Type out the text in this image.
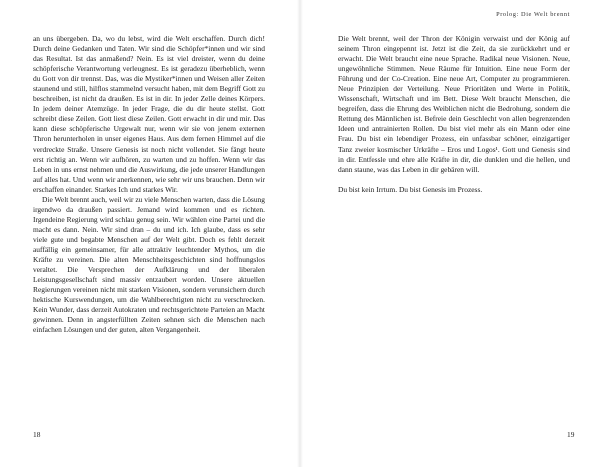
an uns übergeben. Da, wo du lebst, wird die Welt erschaffen. Durch dich! Durch deine Gedanken und Taten. Wir sind die Schöpfer*innen und wir sind das Resultat. Ist das anmaßend? Nein. Es ist viel dreister, wenn du deine schöpferische Verantwortung verleugnest. Es ist geradezu überheblich, wenn du Gott von dir trennst. Das, was die Mystiker*innen und Weisen aller Zeiten staunend und still, hilflos stammelnd versucht haben, mit dem Begriff Gott zu beschreiben, ist nicht da draußen. Es ist in dir. In jeder Zelle deines Körpers. In jedem deiner Atemzüge. In jeder Frage, die du dir heute stellst. Gott schreibt diese Zeilen. Gott liest diese Zeilen. Gott erwacht in dir und mir. Das kann diese schöpferische Urgewalt nur, wenn wir sie von jenem externen Thron herunterholen in unser eigenes Haus. Aus dem fernen Himmel auf die verdreckte Straße. Unsere Genesis ist noch nicht vollendet. Sie fängt heute erst richtig an. Wenn wir aufhören, zu warten und zu hoffen. Wenn wir das Leben in uns ernst nehmen und die Auswirkung, die jede unserer Handlungen auf alles hat. Und wenn wir anerkennen, wie sehr wir uns brauchen. Denn wir erschaffen einander. Starkes Ich und starkes Wir.

Die Welt brennt auch, weil wir zu viele Menschen warten, dass die Lösung irgendwo da draußen passiert. Jemand wird kommen und es richten. Irgendeine Regierung wird schlau genug sein. Wir wählen eine Partei und die macht es dann. Nein. Wir sind dran – du und ich. Ich glaube, dass es sehr viele gute und begabte Menschen auf der Welt gibt. Doch es fehlt derzeit auffällig ein gemeinsamer, für alle attraktiv leuchtender Mythos, um die Kräfte zu vereinen. Die alten Menschheitsgeschichten sind hoffnungslos veraltet. Die Versprechen der Aufklärung und der liberalen Leistungsgesellschaft sind massiv entzaubert worden. Unsere aktuellen Regierungen vereinen nicht mit starken Visionen, sondern verunsichern durch hektische Kurswendungen, um die Wahlberechtigten nicht zu verschrecken. Kein Wunder, dass derzeit Autokraten und rechtsgerichtete Parteien an Macht gewinnen. Denn in angsterfüllten Zeiten sehnen sich die Menschen nach einfachen Lösungen und der guten, alten Vergangenheit.

18
Prolog: Die Welt brennt

Die Welt brennt, weil der Thron der Königin verwaist und der König auf seinem Thron eingepennt ist. Jetzt ist die Zeit, da sie zurückkehrt und er erwacht. Die Welt braucht eine neue Sprache. Radikal neue Visionen. Neue, ungewöhnliche Stimmen. Neue Räume für Intuition. Eine neue Form der Führung und der Co-Creation. Eine neue Art, Computer zu programmieren. Neue Prinzipien der Verteilung. Neue Prioritäten und Werte in Politik, Wissenschaft, Wirtschaft und im Bett. Diese Welt braucht Menschen, die begreifen, dass die Ehrung des Weiblichen nicht die Bedrohung, sondern die Rettung des Männlichen ist. Befreie dein Geschlecht von allen begrenzenden Ideen und antrainierten Rollen. Du bist viel mehr als ein Mann oder eine Frau. Du bist ein lebendiger Prozess, ein unfassbar schöner, einzigartiger Tanz zweier kosmischer Urkräfte – Eros und Logos¹. Gott und Genesis sind in dir. Entfessle und ehre alle Kräfte in dir, die dunklen und die hellen, und dann staune, was das Leben in dir gebären will.

Du bist kein Irrtum. Du bist Genesis im Prozess.

19
